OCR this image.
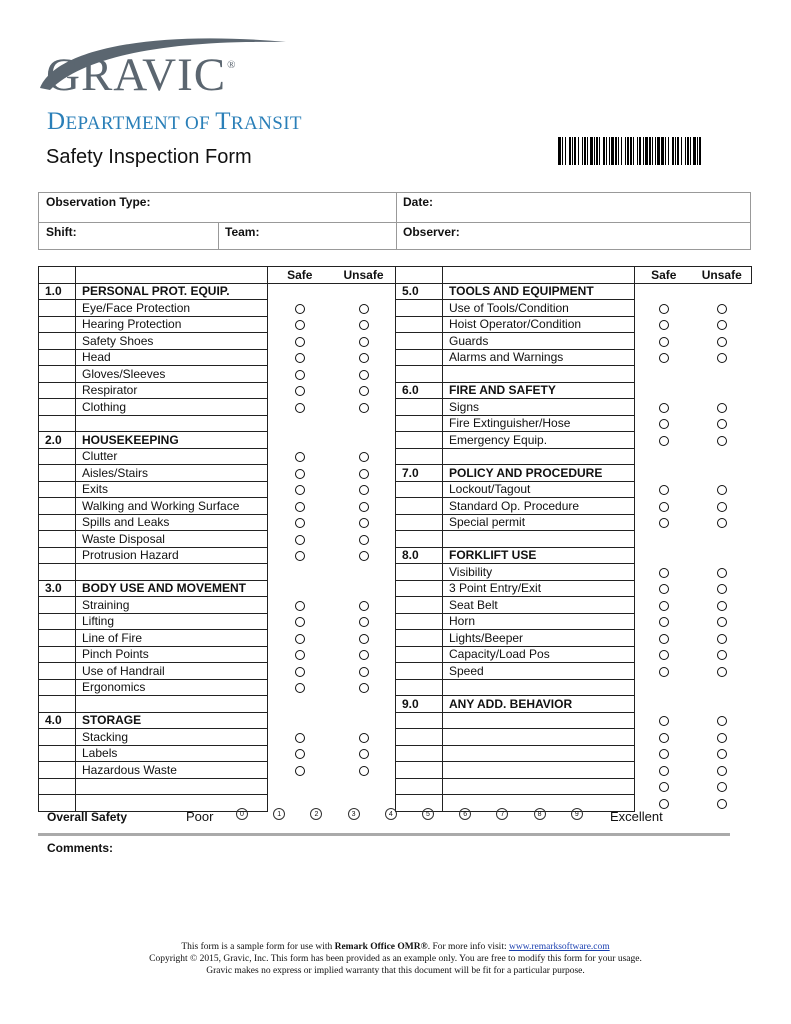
GRAVIC®
DEPARTMENT OF TRANSIT
Safety Inspection Form
Observation Type:	Date:
Shift:	Team:	Observer:
		Safe	Unsafe
1.0	PERSONAL PROT. EQUIP.		
	Eye/Face Protection		
	Hearing Protection		
	Safety Shoes		
	Head		
	Gloves/Sleeves		
	Respirator		
	Clothing		

2.0	HOUSEKEEPING		
	Clutter		
	Aisles/Stairs		
	Exits		
	Walking and Working Surface		
	Spills and Leaks		
	Waste Disposal		
	Protrusion Hazard		

3.0	BODY USE AND MOVEMENT		
	Straining		
	Lifting		
	Line of Fire		
	Pinch Points		
	Use of Handrail		
	Ergonomics		

4.0	STORAGE		
	Stacking		
	Labels		
	Hazardous Waste		

		Safe	Unsafe
5.0	TOOLS AND EQUIPMENT		
	Use of Tools/Condition		
	Hoist Operator/Condition		
	Guards		
	Alarms and Warnings		

6.0	FIRE AND SAFETY		
	Signs		
	Fire Extinguisher/Hose		
	Emergency Equip.		

7.0	POLICY AND PROCEDURE		
	Lockout/Tagout		
	Standard Op. Procedure		
	Special permit		

8.0	FORKLIFT USE		
	Visibility		
	3 Point Entry/Exit		
	Seat Belt		
	Horn		
	Lights/Beeper		
	Capacity/Load Pos		
	Speed		

9.0	ANY ADD. BEHAVIOR		

Overall Safety	Poor	0	1	2	3	4	5	6	7	8	9	Excellent
Comments:
This form is a sample form for use with Remark Office OMR®. For more info visit: www.remarksoftware.com
Copyright © 2015, Gravic, Inc. This form has been provided as an example only. You are free to modify this form for your usage.
Gravic makes no express or implied warranty that this document will be fit for a particular purpose.
